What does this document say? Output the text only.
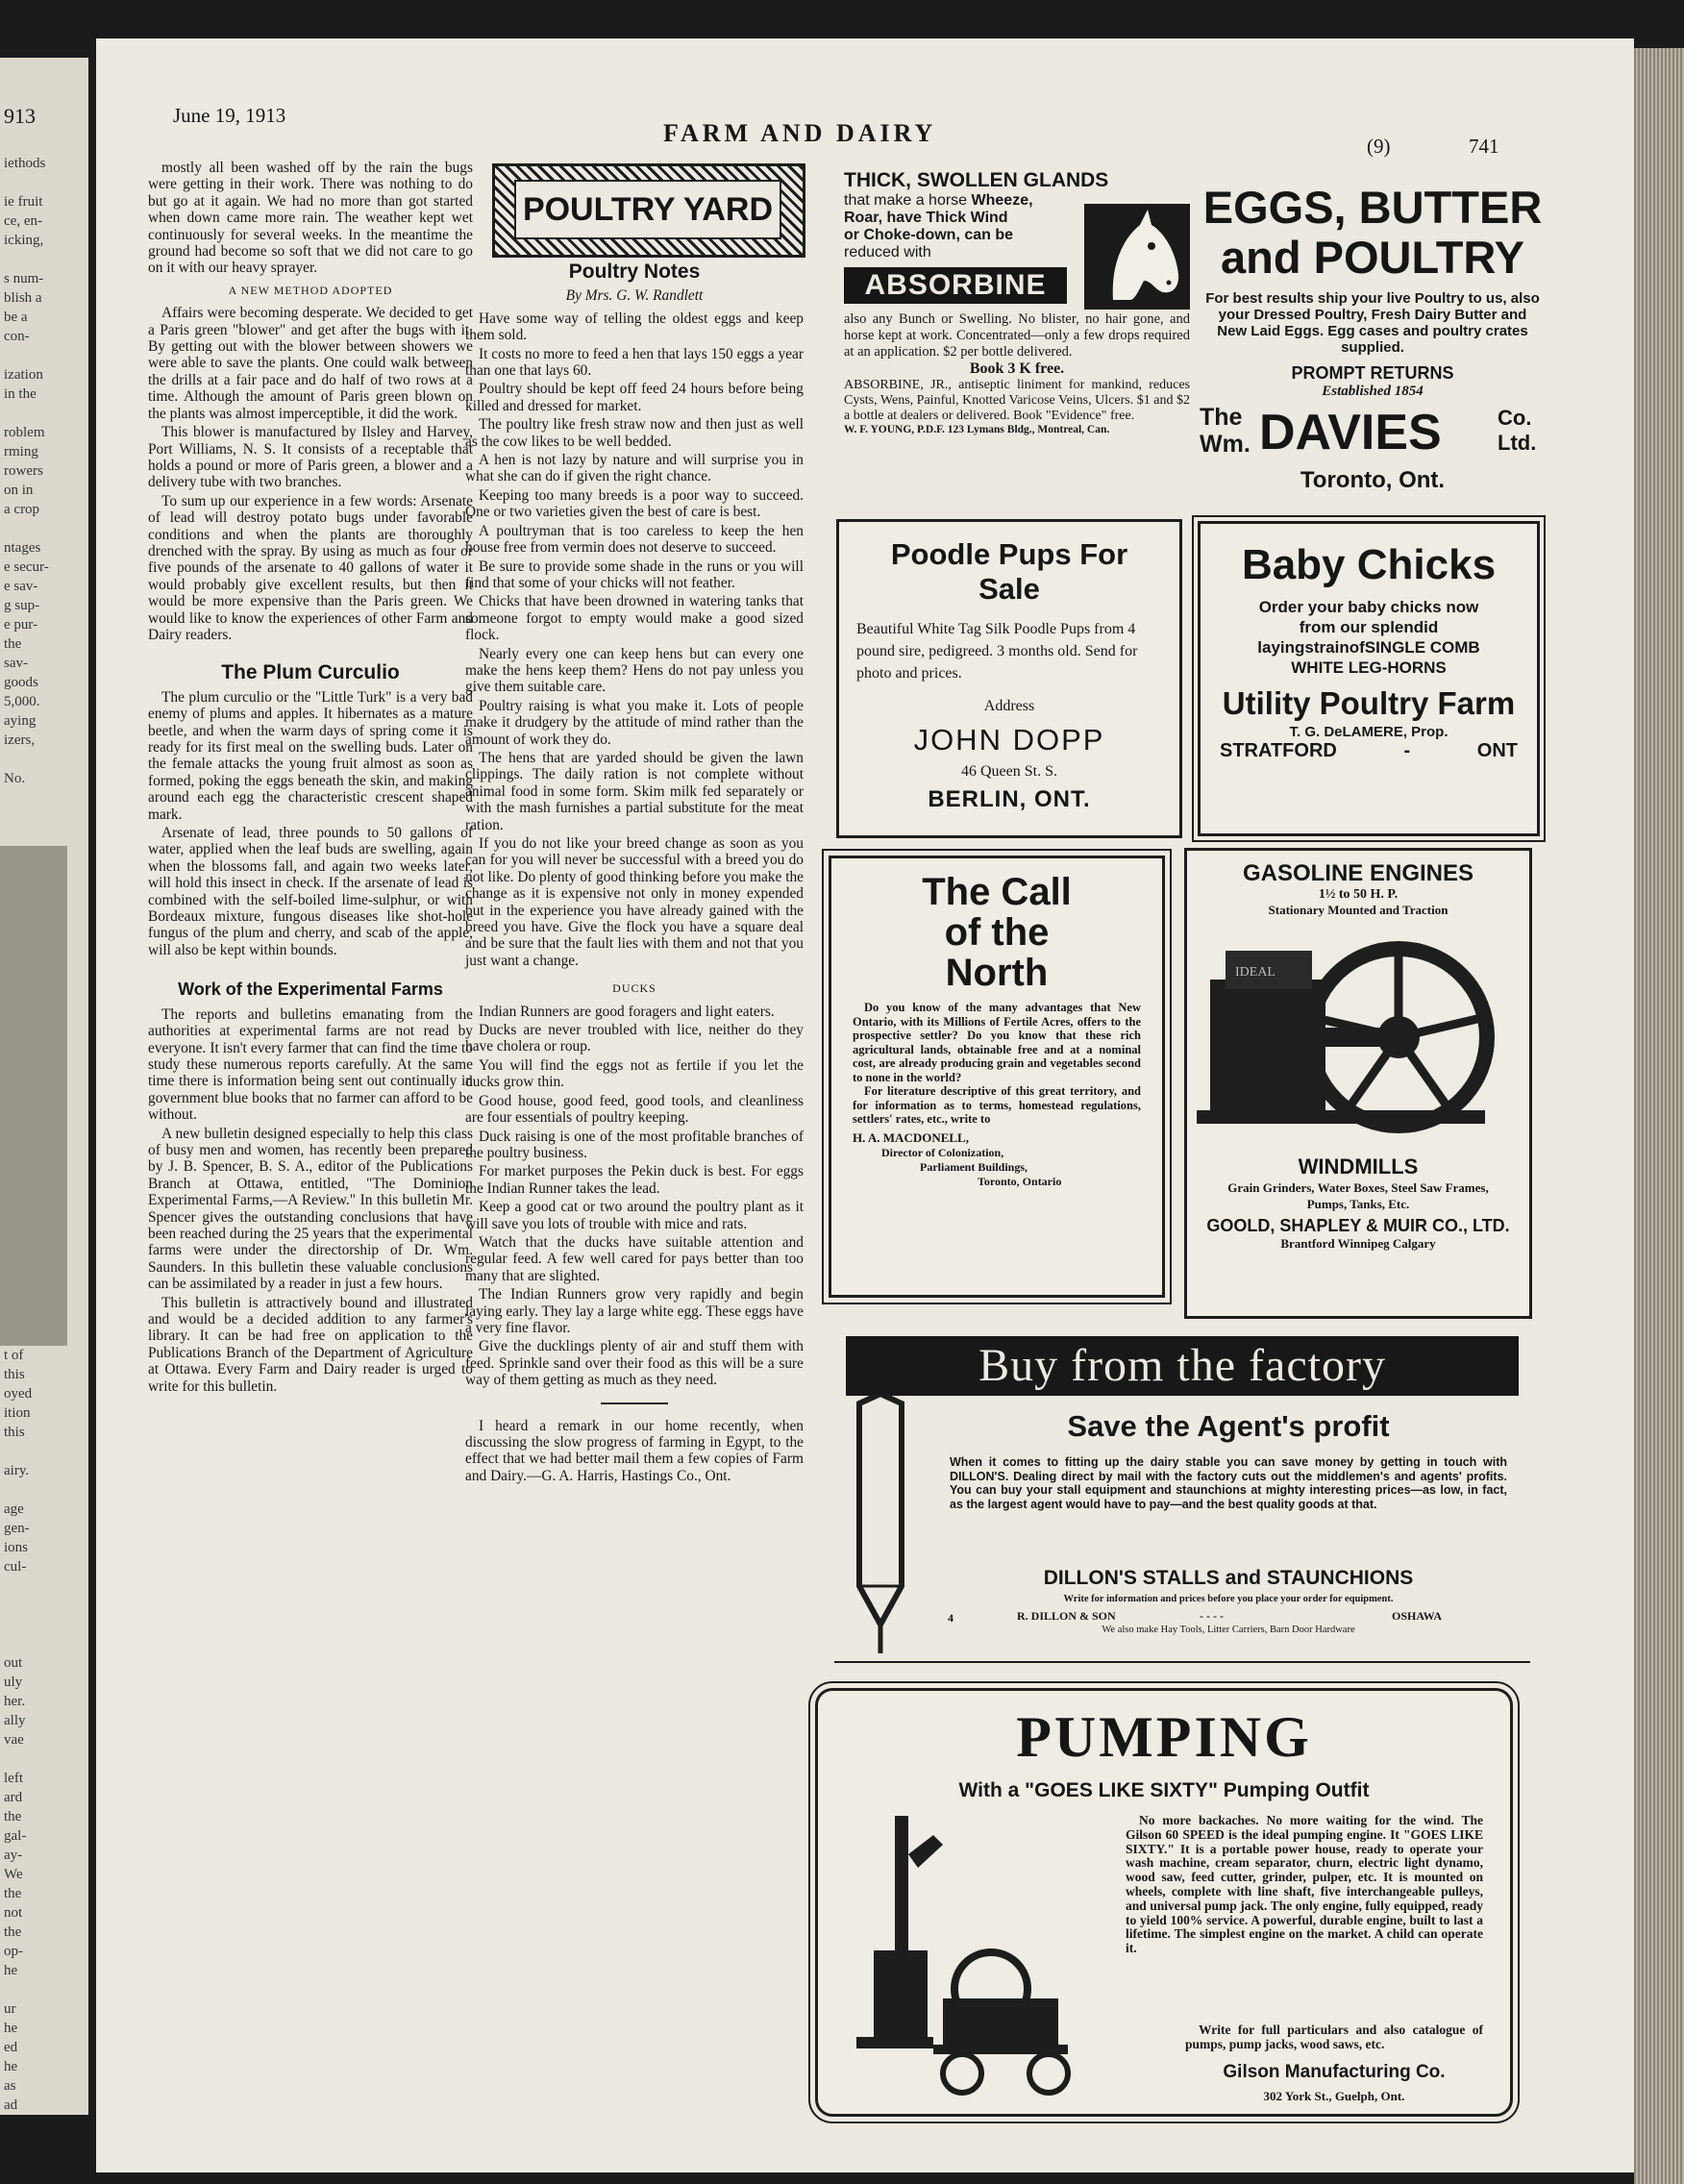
iethods

ie fruit
ce, en-
icking,

s num-
blish a
be a
con-

ization
in the

roblem
rming
rowers
on in
a crop

ntages
e secur-
e sav-
g sup-
e pur-
the
sav-
goods
5,000.
aying
izers,

No.
t of
this
oyed
ition
this

airy.

age
gen-
ions
cul-

out
uly
her.
ally
vae

left
ard
the
gal-
ay-
We
the
not
the
op-
he

ur
he
ed
he
as
ad
913	June 19, 1913
FARM AND DAIRY	(9)	741

mostly all been washed off by the rain the bugs were getting in their work. There was nothing to do but go at it again. We had no more than got started when down came more rain. The weather kept wet continuously for several weeks. In the meantime the ground had become so soft that we did not care to go on it with our heavy sprayer.

A NEW METHOD ADOPTED

Affairs were becoming desperate. We decided to get a Paris green "blower" and get after the bugs with it. By getting out with the blower between showers we were able to save the plants. One could walk between the drills at a fair pace and do half of two rows at a time. Although the amount of Paris green blown on the plants was almost imperceptible, it did the work.

This blower is manufactured by Ilsley and Harvey, Port Williams, N. S. It consists of a receptable that holds a pound or more of Paris green, a blower and a delivery tube with two branches.

To sum up our experience in a few words: Arsenate of lead will destroy potato bugs under favorable conditions and when the plants are thoroughly drenched with the spray. By using as much as four or five pounds of the arsenate to 40 gallons of water it would probably give excellent results, but then it would be more expensive than the Paris green. We would like to know the experiences of other Farm and Dairy readers.

The Plum Curculio

The plum curculio or the "Little Turk" is a very bad enemy of plums and apples. It hibernates as a mature beetle, and when the warm days of spring come it is ready for its first meal on the swelling buds. Later on the female attacks the young fruit almost as soon as formed, poking the eggs beneath the skin, and making around each egg the characteristic crescent shaped mark.

Arsenate of lead, three pounds to 50 gallons of water, applied when the leaf buds are swelling, again when the blossoms fall, and again two weeks later, will hold this insect in check. If the arsenate of lead is combined with the self-boiled lime-sulphur, or with Bordeaux mixture, fungous diseases like shot-hole fungus of the plum and cherry, and scab of the apple, will also be kept within bounds.

Work of the Experimental Farms

The reports and bulletins emanating from the authorities at experimental farms are not read by everyone. It isn't every farmer that can find the time to study these numerous reports carefully. At the same time there is information being sent out continually in government blue books that no farmer can afford to be without.

A new bulletin designed especially to help this class of busy men and women, has recently been prepared by J. B. Spencer, B. S. A., editor of the Publications Branch at Ottawa, entitled, "The Dominion Experimental Farms,—A Review." In this bulletin Mr. Spencer gives the outstanding conclusions that have been reached during the 25 years that the experimental farms were under the directorship of Dr. Wm. Saunders. In this bulletin these valuable conclusions can be assimilated by a reader in just a few hours.

This bulletin is attractively bound and illustrated and would be a decided addition to any farmer's library. It can be had free on application to the Publications Branch of the Department of Agriculture at Ottawa. Every Farm and Dairy reader is urged to write for this bulletin.

POULTRY YARD
Poultry Notes
By Mrs. G. W. Randlett

Have some way of telling the oldest eggs and keep them sold.

It costs no more to feed a hen that lays 150 eggs a year than one that lays 60.

Poultry should be kept off feed 24 hours before being killed and dressed for market.

The poultry like fresh straw now and then just as well as the cow likes to be well bedded.

A hen is not lazy by nature and will surprise you in what she can do if given the right chance.

Keeping too many breeds is a poor way to succeed. One or two varieties given the best of care is best.

A poultryman that is too careless to keep the hen house free from vermin does not deserve to succeed.

Be sure to provide some shade in the runs or you will find that some of your chicks will not feather.

Chicks that have been drowned in watering tanks that someone forgot to empty would make a good sized flock.

Nearly every one can keep hens but can every one make the hens keep them? Hens do not pay unless you give them suitable care.

Poultry raising is what you make it. Lots of people make it drudgery by the attitude of mind rather than the amount of work they do.

The hens that are yarded should be given the lawn clippings. The daily ration is not complete without animal food in some form. Skim milk fed separately or with the mash furnishes a partial substitute for the meat ration.

If you do not like your breed change as soon as you can for you will never be successful with a breed you do not like. Do plenty of good thinking before you make the change as it is expensive not only in money expended but in the experience you have already gained with the breed you have. Give the flock you have a square deal and be sure that the fault lies with them and not that you just want a change.

DUCKS

Indian Runners are good foragers and light eaters.

Ducks are never troubled with lice, neither do they have cholera or roup.

You will find the eggs not as fertile if you let the ducks grow thin.

Good house, good feed, good tools, and cleanliness are four essentials of poultry keeping.

Duck raising is one of the most profitable branches of the poultry business.

For market purposes the Pekin duck is best. For eggs the Indian Runner takes the lead.

Keep a good cat or two around the poultry plant as it will save you lots of trouble with mice and rats.

Watch that the ducks have suitable attention and regular feed. A few well cared for pays better than too many that are slighted.

The Indian Runners grow very rapidly and begin laying early. They lay a large white egg. These eggs have a very fine flavor.

Give the ducklings plenty of air and stuff them with feed. Sprinkle sand over their food as this will be a sure way of them getting as much as they need.

I heard a remark in our home recently, when discussing the slow progress of farming in Egypt, to the effect that we had better mail them a few copies of Farm and Dairy.—G. A. Harris, Hastings Co., Ont.

THICK, SWOLLEN GLANDS
that make a horse Wheeze,
Roar, have Thick Wind
or Choke-down, can be
reduced with
ABSORBINE
also any Bunch or Swelling. No blister, no hair gone, and horse kept at work. Concentrated—only a few drops required at an application. $2 per bottle delivered.
Book 3 K free.
ABSORBINE, JR., antiseptic liniment for mankind, reduces Cysts, Wens, Painful, Knotted Varicose Veins, Ulcers. $1 and $2 a bottle at dealers or delivered. Book "Evidence" free.
W. F. YOUNG, P.D.F. 123 Lymans Bldg., Montreal, Can.
EGGS, BUTTER
and POULTRY
For best results ship your live Poultry to us, also your Dressed Poultry, Fresh Dairy Butter and New Laid Eggs. Egg cases and poultry crates supplied.
PROMPT RETURNS
Established 1854
The
Wm. DAVIES	Co.
Ltd.
Toronto, Ont.
Poodle Pups For Sale
Beautiful White Tag Silk Poodle Pups from 4 pound sire, pedigreed. 3 months old. Send for photo and prices.
Address
JOHN DOPP
46 Queen St. S.
BERLIN, ONT.
Baby Chicks
Order your baby chicks now from our splendid layingstrainofSINGLE COMB WHITE LEG-HORNS
Utility Poultry Farm
T. G. DeLAMERE, Prop.
STRATFORD	-	ONT
The Call
of the
North
Do you know of the many advantages that New Ontario, with its Millions of Fertile Acres, offers to the prospective settler? Do you know that these rich agricultural lands, obtainable free and at a nominal cost, are already producing grain and vegetables second to none in the world?
For literature descriptive of this great territory, and for information as to terms, homestead regulations, settlers' rates, etc., write to
H. A. MACDONELL,
Director of Colonization,
Parliament Buildings,
Toronto, Ontario
GASOLINE ENGINES
1½ to 50 H. P.
Stationary Mounted and Traction
IDEAL
WINDMILLS
Grain Grinders, Water Boxes, Steel Saw Frames, Pumps, Tanks, Etc.
GOOLD, SHAPLEY & MUIR CO., LTD.
Brantford Winnipeg Calgary
Buy from the factory
Save the Agent's profit
When it comes to fitting up the dairy stable you can save money by getting in touch with DILLON'S. Dealing direct by mail with the factory cuts out the middlemen's and agents' profits. You can buy your stall equipment and staunchions at mighty interesting prices—as low, in fact, as the largest agent would have to pay—and the best quality goods at that.
DILLON'S STALLS and STAUNCHIONS
Write for information and prices before you place your order for equipment.
R. DILLON & SON	- - - -	OSHAWA
We also make Hay Tools, Litter Carriers, Barn Door Hardware
4
PUMPING
With a "GOES LIKE SIXTY" Pumping Outfit
No more backaches. No more waiting for the wind. The Gilson 60 SPEED is the ideal pumping engine. It "GOES LIKE SIXTY." It is a portable power house, ready to operate your wash machine, cream separator, churn, electric light dynamo, wood saw, feed cutter, grinder, pulper, etc. It is mounted on wheels, complete with line shaft, five interchangeable pulleys, and universal pump jack. The only engine, fully equipped, ready to yield 100% service. A powerful, durable engine, built to last a lifetime. The simplest engine on the market. A child can operate it.
Write for full particulars and also catalogue of pumps, pump jacks, wood saws, etc.
Gilson Manufacturing Co.
302 York St., Guelph, Ont.
